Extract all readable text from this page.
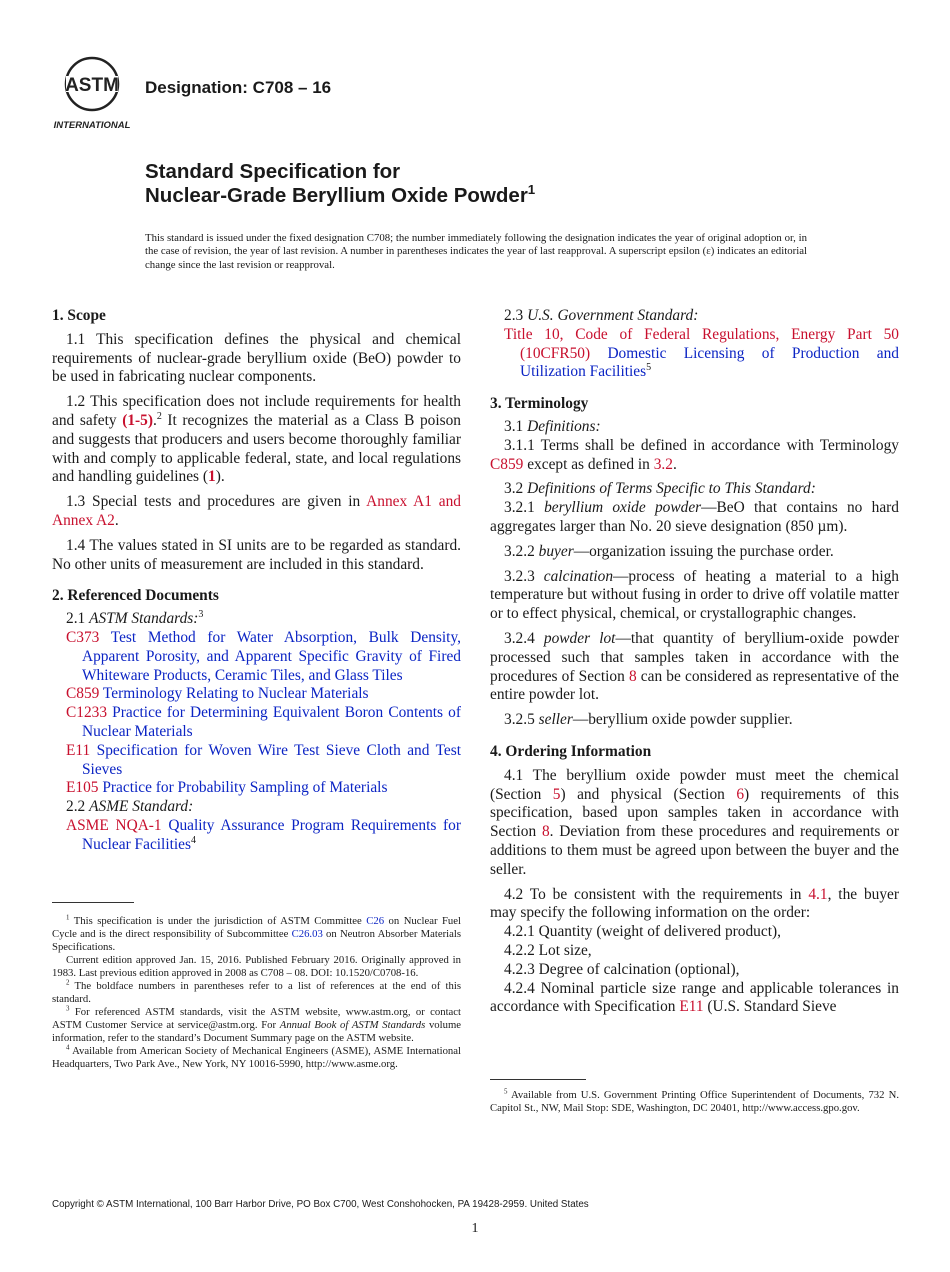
ASTM
INTERNATIONAL
Designation: C708 – 16
Standard Specification for
Nuclear-Grade Beryllium Oxide Powder$^1$
This standard is issued under the fixed designation C708; the number immediately following the designation indicates the year of original adoption or, in the case of revision, the year of last revision. A number in parentheses indicates the year of last reapproval. A superscript epsilon (ε) indicates an editorial change since the last revision or reapproval.

1. Scope

1.1 This specification defines the physical and chemical requirements of nuclear-grade beryllium oxide (BeO) powder to be used in fabricating nuclear components.

1.2 This specification does not include requirements for health and safety (1-5).$^2$ It recognizes the material as a Class B poison and suggests that producers and users become thoroughly familiar with and comply to applicable federal, state, and local regulations and handling guidelines (1).

1.3 Special tests and procedures are given in Annex A1 and Annex A2.

1.4 The values stated in SI units are to be regarded as standard. No other units of measurement are included in this standard.

2. Referenced Documents

2.1 ASTM Standards:$^3$

C373 Test Method for Water Absorption, Bulk Density, Apparent Porosity, and Apparent Specific Gravity of Fired Whiteware Products, Ceramic Tiles, and Glass Tiles

C859 Terminology Relating to Nuclear Materials

C1233 Practice for Determining Equivalent Boron Contents of Nuclear Materials

E11 Specification for Woven Wire Test Sieve Cloth and Test Sieves

E105 Practice for Probability Sampling of Materials

2.2 ASME Standard:

ASME NQA-1 Quality Assurance Program Requirements for Nuclear Facilities$^4$

$^1$ This specification is under the jurisdiction of ASTM Committee C26 on Nuclear Fuel Cycle and is the direct responsibility of Subcommittee C26.03 on Neutron Absorber Materials Specifications.

Current edition approved Jan. 15, 2016. Published February 2016. Originally approved in 1983. Last previous edition approved in 2008 as C708 – 08. DOI: 10.1520/C0708-16.

$^2$ The boldface numbers in parentheses refer to a list of references at the end of this standard.

$^3$ For referenced ASTM standards, visit the ASTM website, www.astm.org, or contact ASTM Customer Service at service@astm.org. For Annual Book of ASTM Standards volume information, refer to the standard’s Document Summary page on the ASTM website.

$^4$ Available from American Society of Mechanical Engineers (ASME), ASME International Headquarters, Two Park Ave., New York, NY 10016-5990, http://www.asme.org.

2.3 U.S. Government Standard:

Title 10, Code of Federal Regulations, Energy Part 50 (10CFR50) Domestic Licensing of Production and Utilization Facilities$^5$

3. Terminology

3.1 Definitions:

3.1.1 Terms shall be defined in accordance with Terminology C859 except as defined in 3.2.

3.2 Definitions of Terms Specific to This Standard:

3.2.1 beryllium oxide powder—BeO that contains no hard aggregates larger than No. 20 sieve designation (850 µm).

3.2.2 buyer—organization issuing the purchase order.

3.2.3 calcination—process of heating a material to a high temperature but without fusing in order to drive off volatile matter or to effect physical, chemical, or crystallographic changes.

3.2.4 powder lot—that quantity of beryllium-oxide powder processed such that samples taken in accordance with the procedures of Section 8 can be considered as representative of the entire powder lot.

3.2.5 seller—beryllium oxide powder supplier.

4. Ordering Information

4.1 The beryllium oxide powder must meet the chemical (Section 5) and physical (Section 6) requirements of this specification, based upon samples taken in accordance with Section 8. Deviation from these procedures and requirements or additions to them must be agreed upon between the buyer and the seller.

4.2 To be consistent with the requirements in 4.1, the buyer may specify the following information on the order:

4.2.1 Quantity (weight of delivered product),

4.2.2 Lot size,

4.2.3 Degree of calcination (optional),

4.2.4 Nominal particle size range and applicable tolerances in accordance with Specification E11 (U.S. Standard Sieve

$^5$ Available from U.S. Government Printing Office Superintendent of Documents, 732 N. Capitol St., NW, Mail Stop: SDE, Washington, DC 20401, http://www.access.gpo.gov.

Copyright © ASTM International, 100 Barr Harbor Drive, PO Box C700, West Conshohocken, PA 19428-2959. United States
1
